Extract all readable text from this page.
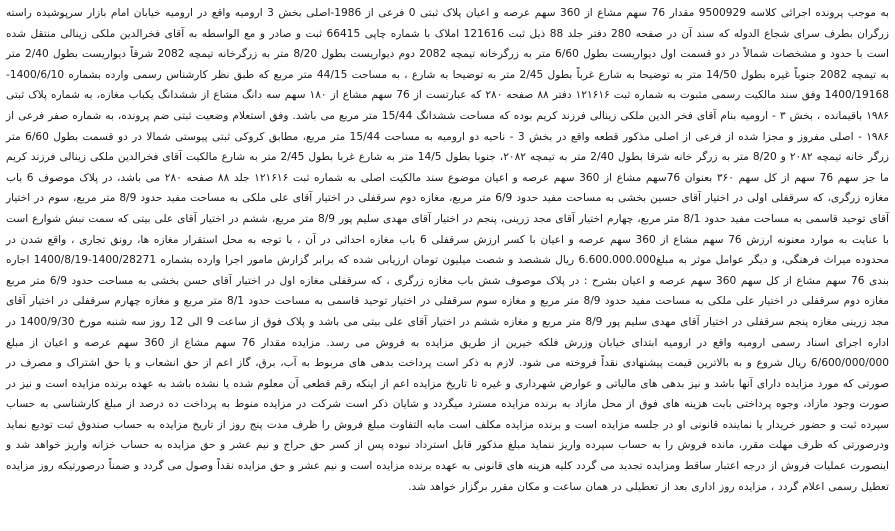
به موجب پرونده اجرائی کلاسه 9500929 مقدار 76 سهم مشاع از 360 سهم عرصه و اعیان پلاک ثبتی 0 فرعی از 1986-اصلی بخش 3 ارومیه واقع در ارومیه خیابان امام بازار سرپوشیده راسته زرگران بطرف سرای شجاع الدوله که سند آن در صفحه 280 دفتر جلد 88 ذیل ثبت 121616 املاک با شماره چاپی 66415 ثبت و صادر و مع الواسطه به آقای فخرالدین ملکی زینالی منتقل شده است با حدود و مشخصات شمالاً در دو قسمت اول دیواریست بطول 6/60 متر به زرگرخانه تیمچه 2082 دوم دیواریست بطول 8/20 متر به زرگرخانه تیمچه 2082 شرقاً دیواریست بطول 2/40 متر به تیمچه 2082 جنوباً غیره بطول 14/50 متر به توضیحا به شارع غرباً بطول 2/45 متر به توضیحا به شارع ، به مساحت 44/15 متر مربع که طبق نظر کارشناس رسمی وارده بشماره 1400/6/10-1400/19168 وفق سند مالکیت رسمی مثبوت به شماره ثبت ۱۲۱۶۱۶ دفتر ۸۸ صفحه ۲۸۰ که عبارتست از 76 سهم مشاع از ۱۸۰ سهم سه دانگ مشاع از ششدانگ یکباب مغازه، به شماره پلاک ثبتی ۱۹۸۶ باقیمانده ، بخش ۳ - ارومیه بنام آقای فخر الدین ملکی زینالی فرزند کریم بوده که مساحت ششدانگ 15/44 متر مربع می باشد. وفق استعلام وضعیت ثبتی ضم پرونده، به شماره صفر فرعی از ۱۹۸۶ - اصلی مفروز و مجزا شده از فرعی از اصلی مذکور قطعه واقع در بخش 3 - ناحیه دو ارومیه به مساحت 15/44 متر مربع، مطابق کروکی ثبتی پیوستی شمالا در دو قسمت بطول 6/60 متر زرگر خانه تیمچه ۲۰۸۲ و 8/20 متر به زرگر خانه شرقا بطول 2/40 متر به تیمچه ۲۰۸۲، جنوبا بطول 14/5 متر به شارع غربا بطول 2/45 متر به شارع مالکیت آقای فخرالدین ملکی زینالی فرزند کریم ما جز سهم 76 سهم از کل سهم ۳۶۰ بعنوان 76سهم مشاع از 360 سهم عرصه و اعیان موضوع سند مالکیت اصلی به شماره ثبت ۱۲۱۶۱۶ جلد ۸۸ صفحه ۲۸۰ می باشد، در پلاک موصوف 6 باب مغازه زرگری، که سرقفلی اولی در اختیار آقای حسین بخشی به مساحت مفید حدود 6/9 متر مربع، مغازه دوم سرقفلی در اختیار آقای علی ملکی به مساحت مفید حدود 8/9 متر مربع، سوم در اختیار آقای توحید قاسمی به مساحت مفید حدود 8/1 متر مربع، چهارم اختیار آقای مجد زرینی، پنجم در اختیار آقای مهدی سلیم پور 8/9 متر مربع، ششم در اختیار آقای علی بیتی که سمت نبش شوارع است با عنایت به موارد معنونه ارزش 76 سهم مشاع از 360 سهم عرصه و اعیان با کسر ارزش سرقفلی 6 باب مغازه احداثی در آن ، با توجه به محل استقرار مغازه ها، رونق تجاری ، واقع شدن در محدوده میراث فرهنگی، و دیگر عوامل موثر به مبلغ6.600.000.000 ریال ششصد و شصت میلیون تومان ارزیابی شده که برابر گزارش مامور اجرا وارده بشماره 1400/28271-1400/8/19 اجاره بندی 76 سهم مشاع از کل سهم 360 سهم عرصه و اعیان بشرح : در پلاک موصوف شش باب مغازه زرگری ، که سرقفلی مغازه اول در اختیار آقای حسن بخشی به مساحت حدود 6/9 متر مربع مغازه دوم سرقفلی در اختیار علی ملکی به مساحت مفید حدود 8/9 متر مربع و مغازه سوم سرقفلی در اختیار توحید قاسمی به مساحت حدود 8/1 متر مربع و مغازه چهارم سرقفلی در اختیار آقای مجد زرینی مغازه پنجم سرقفلی در اختیار آقای مهدی سلیم پور 8/9 متر مربع و مغازه ششم در اختیار آقای علی بیتی می باشد و پلاک فوق از ساعت 9 الی 12 روز سه شنبه مورخ 1400/9/30 در اداره اجرای اسناد رسمی ارومیه واقع در ارومیه ابتدای خیابان وزرش فلکه خیرین از طریق مزایده به فروش می رسد. مزایده مقدار 76 سهم مشاع از 360 سهم عرصه و اعیان از مبلغ 6/600/000/000 ریال شروع و به بالاترین قیمت پیشنهادی نقداً فروخته می شود. لازم به ذکر است پرداخت بدهی های مربوط به آب، برق، گاز اعم از حق انشعاب و یا حق اشتراک و مصرف در صورتی که مورد مزایده دارای آنها باشد و نیز بدهی های مالیاتی و عوارض شهرداری و غیره تا تاریخ مزایده اعم از اینکه رقم قطعی آن معلوم شده یا نشده باشد به عهده برنده مزایده است و نیز در صورت وجود مازاد، وجوه پرداختی بابت هزینه های فوق از محل مازاد به برنده مزایده مسترد میگردد و شایان ذکر است شرکت در مزایده منوط به پرداخت ده درصد از مبلغ کارشناسی به حساب سپرده ثبت و حضور خریدار یا نماینده قانونی او در جلسه مزایده است و برنده مزایده مکلف است مابه التفاوت مبلغ فروش را ظرف مدت پنج روز از تاریخ مزایده به حساب صندوق ثبت تودیع نماید ودرصورتی که ظرف مهلت مقرر، مانده فروش را به حساب سپرده واریز ننماید مبلغ مذکور قابل استرداد نبوده پس از کسر حق حراج و نیم عشر و حق مزایده به حساب خزانه واریز خواهد شد و اینصورت عملیات فروش از درجه اعتبار ساقط ومزایده تجدید می گردد کلیه هزینه های قانونی به عهده برنده مزایده است و نیم عشر و حق مزایده نقداً وصول می گردد و ضمناً درصورتیکه روز مزایده تعطیل رسمی اعلام گردد ، مزایده روز اداری بعد از تعطیلی در همان ساعت و مکان مقرر برگزار خواهد شد.
